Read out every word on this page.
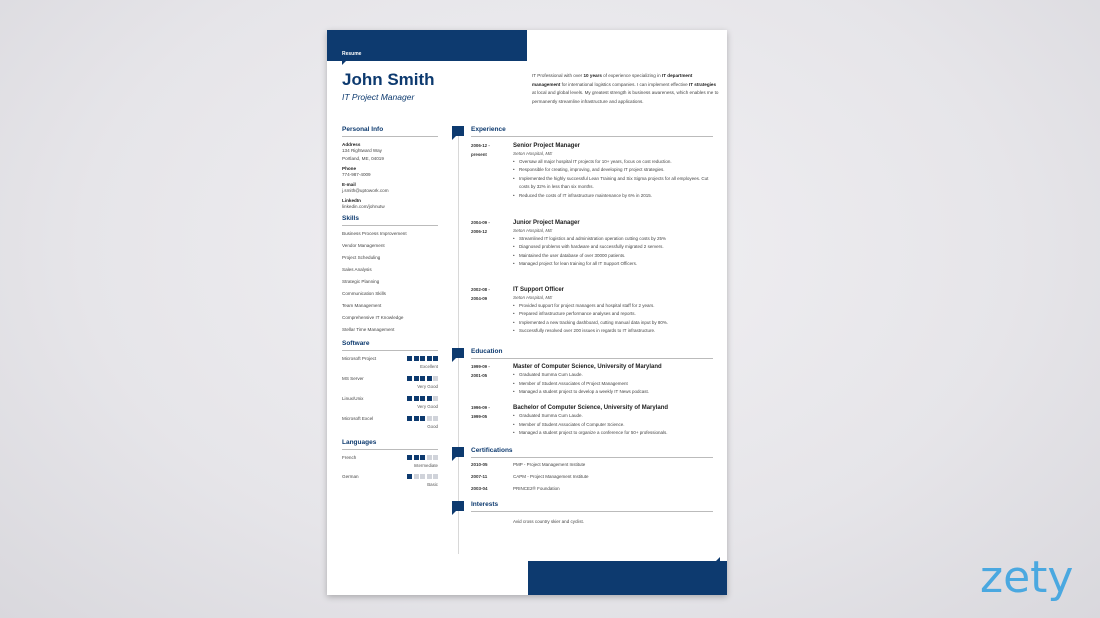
Resume
John Smith
IT Project Manager
IT Professional with over 10 years of experience specializing in IT department management for international logistics companies. I can implement effective IT strategies at local and global levels. My greatest strength is business awareness, which enables me to permanently streamline infrastructure and applications.
Personal Info
Address
134 Rightward Way
Portland, ME, 04019
Phone
774-987-4009
E-mail
j.smith@uptowork.com
LinkedIn
linkedin.com/johnutw
Skills
Business Process Improvement
Vendor Management
Project Scheduling
Sales Analysis
Strategic Planning
Communication Skills
Team Management
Comprehensive IT Knowledge
Stellar Time Management
Software
Microsoft Project
Excellent
MS Server
Very Good
Linux/Unix
Very Good
Microsoft Excel
Good
Languages
French
Intermediate
German
Basic
Experience
2006-12 -
present
Senior Project Manager
Seton Hospital, ME
• Oversaw all major hospital IT projects for 10+ years, focus on cost reduction.
• Responsible for creating, improving, and developing IT project strategies.
• Implemented the highly successful Lean Training and Six Sigma projects for all employees. Cut costs by 32% in less than six months.
• Reduced the costs of IT infrastructure maintenance by 6% in 2015.
2004-09 -
2006-12
Junior Project Manager
Seton Hospital, ME
• Streamlined IT logistics and administration operation cutting costs by 25%
• Diagnosed problems with hardware and successfully migrated 2 servers.
• Maintained the user database of over 30000 patients.
• Managed project for lean training for all IT Support Officers.
2002-08 -
2004-09
IT Support Officer
Seton Hospital, ME
• Provided support for project managers and hospital staff for 2 years.
• Prepared infrastructure performance analyses and reports.
• Implemented a new tracking dashboard, cutting manual data input by 80%.
• Successfully resolved over 200 issues in regards to IT infrastructure.
Education
1999-09 -
2001-05
Master of Computer Science, University of Maryland
• Graduated Summa Cum Laude.
• Member of Student Associates of Project Management
• Managed a student project to develop a weekly IT News podcast.
1996-09 -
1999-05
Bachelor of Computer Science, University of Maryland
• Graduated Summa Cum Laude.
• Member of Student Associates of Computer Science.
• Managed a student project to organize a conference for 50+ professionals.
Certifications
2010-05	PMP - Project Management Institute
2007-11	CAPM - Project Management Institute
2003-04	PRINCE2® Foundation
Interests
Avid cross country skier and cyclist.
zety
